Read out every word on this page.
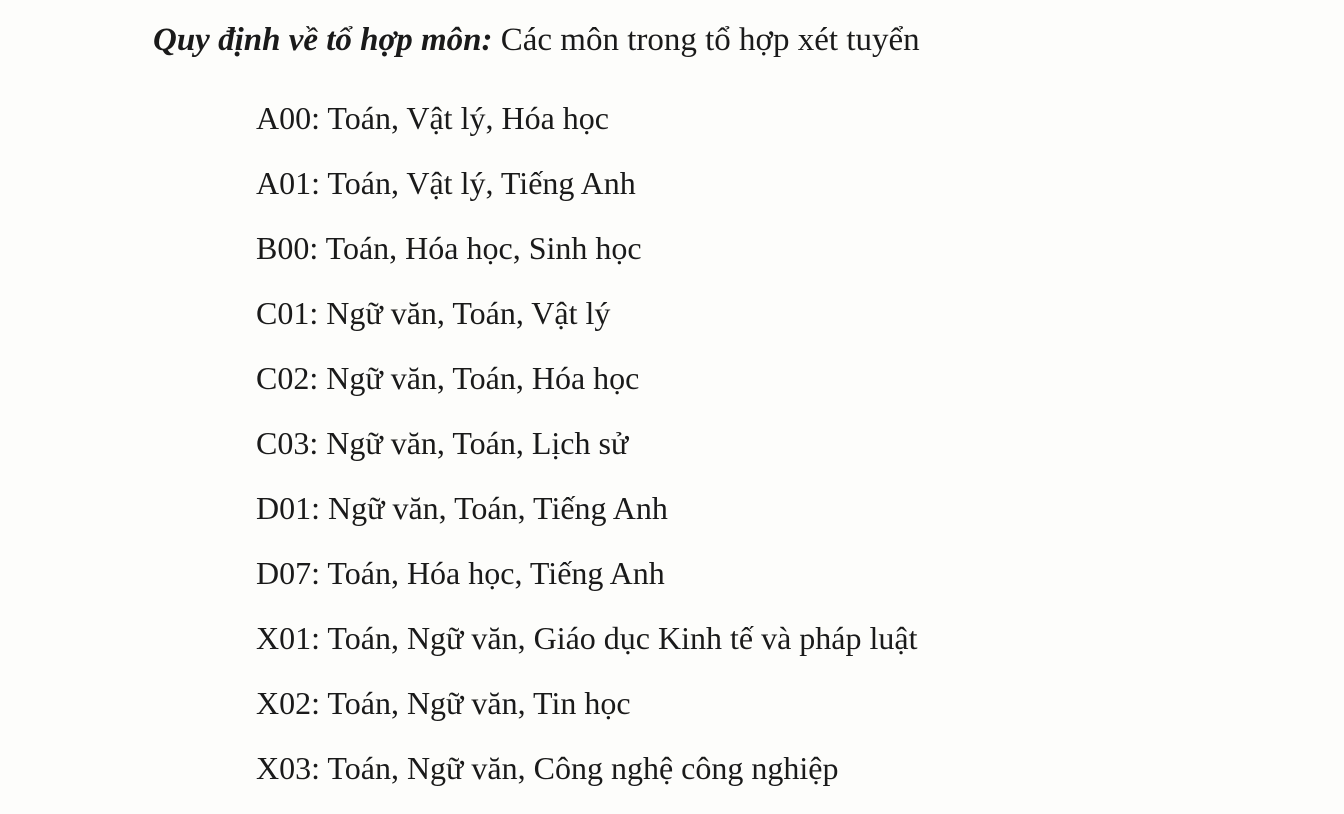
Quy định về tổ hợp môn: Các môn trong tổ hợp xét tuyển
A00: Toán, Vật lý, Hóa học
A01: Toán, Vật lý, Tiếng Anh
B00: Toán, Hóa học, Sinh học
C01: Ngữ văn, Toán, Vật lý
C02: Ngữ văn, Toán, Hóa học
C03: Ngữ văn, Toán, Lịch sử
D01: Ngữ văn, Toán, Tiếng Anh
D07: Toán, Hóa học, Tiếng Anh
X01: Toán, Ngữ văn, Giáo dục Kinh tế và pháp luật
X02: Toán, Ngữ văn, Tin học
X03: Toán, Ngữ văn, Công nghệ công nghiệp
